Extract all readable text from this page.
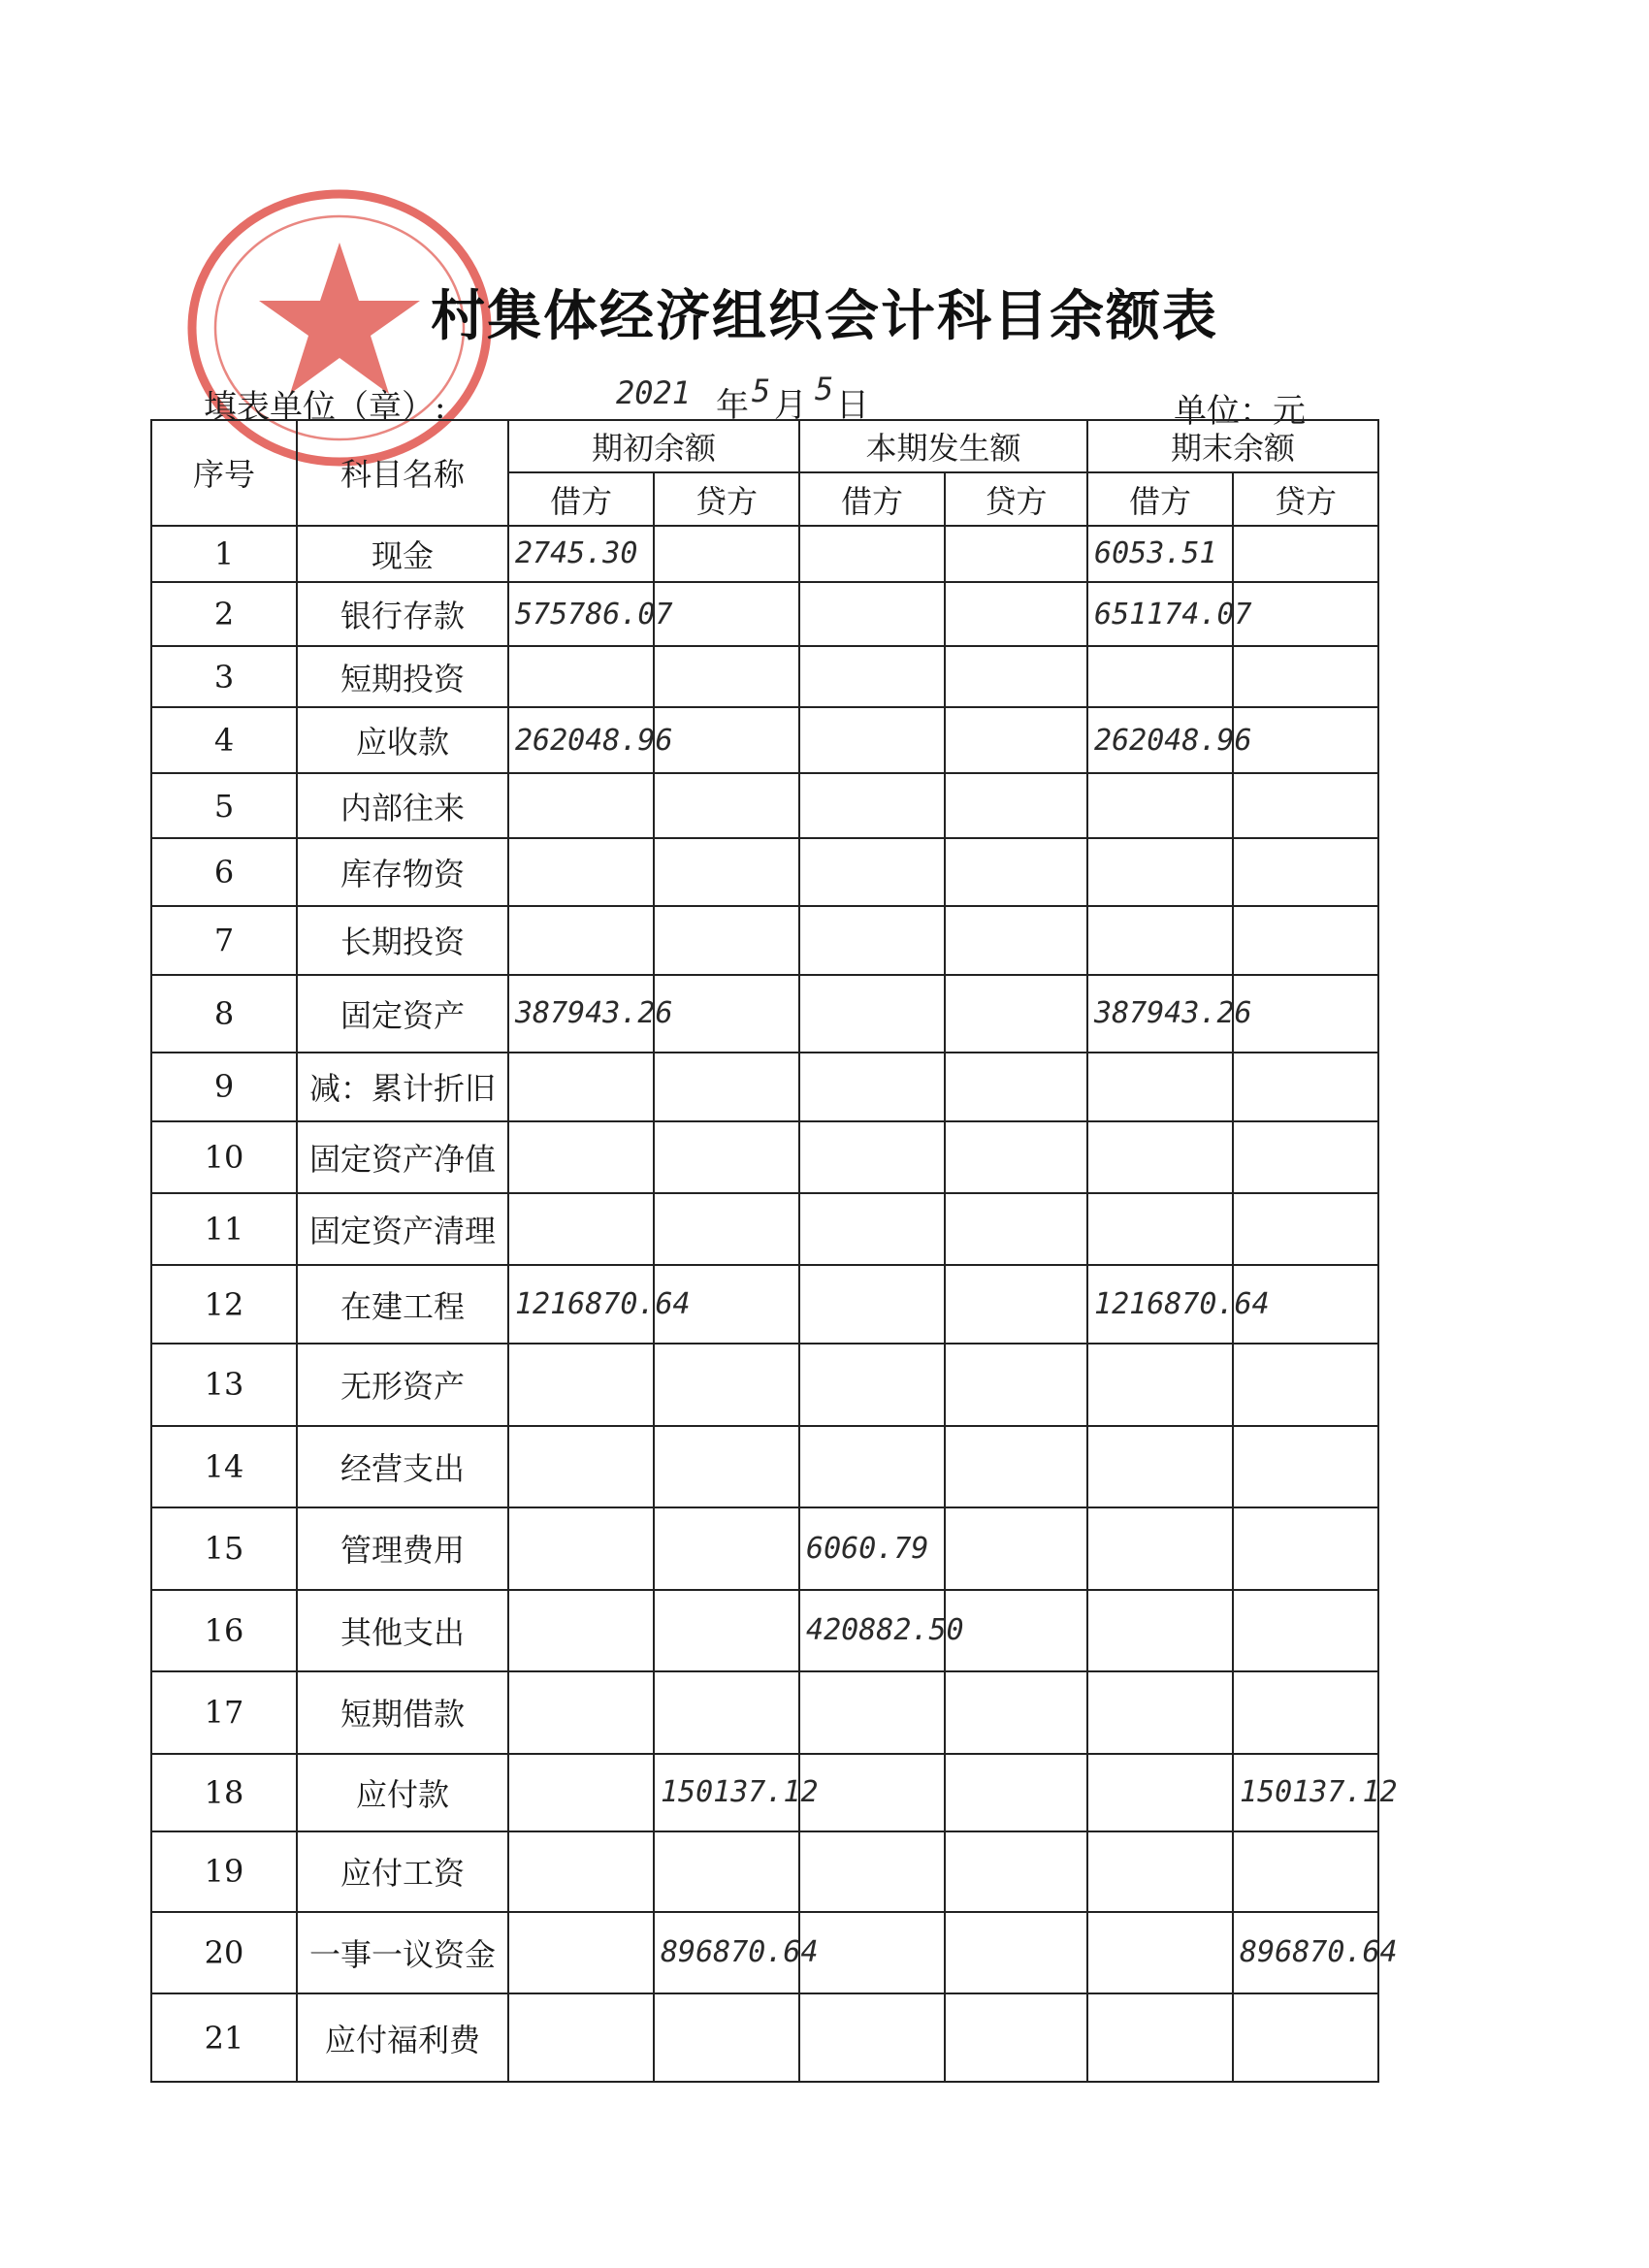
村集体经济组织会计科目余额表
填表单位（章）:	2021 年 5 月 5 日	单位：元
序号	科目名称	期初余额		本期发生额		期末余额	
		借方	贷方	借方	贷方	借方	贷方
1	现金	2745.30				6053.51	
2	银行存款	575786.07				651174.07	
3	短期投资						
4	应收款	262048.96				262048.96	
5	内部往来						
6	库存物资						
7	长期投资						
8	固定资产	387943.26				387943.26	
9	减：累计折旧						
10	固定资产净值						
11	固定资产清理						
12	在建工程	1216870.64				1216870.64	
13	无形资产						
14	经营支出						
15	管理费用			6060.79			
16	其他支出			420882.50			
17	短期借款						
18	应付款		150137.12				150137.12
19	应付工资						
20	一事一议资金		896870.64				896870.64
21	应付福利费						
